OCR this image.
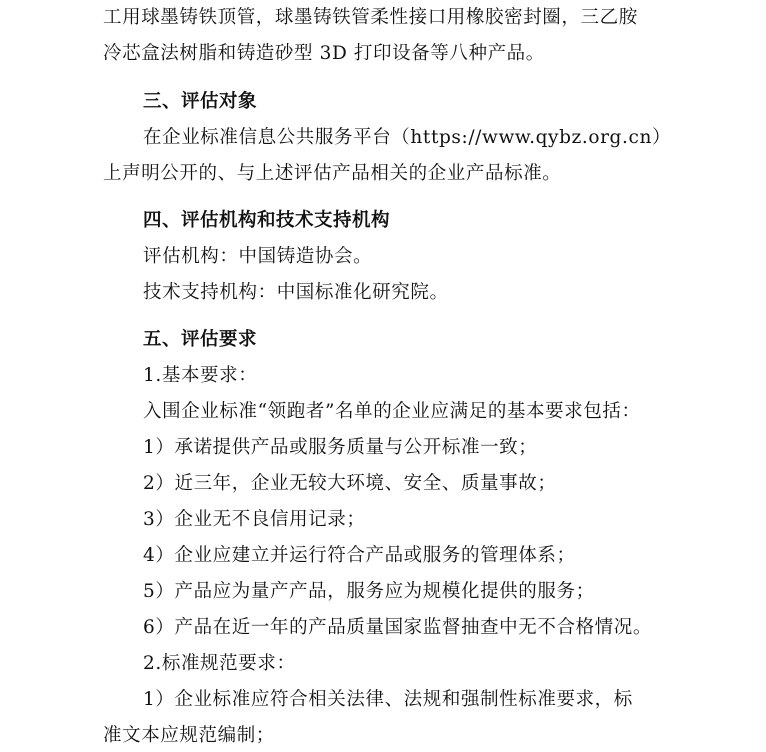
工用球墨铸铁顶管，球墨铸铁管柔性接口用橡胶密封圈，三乙胺
冷芯盒法树脂和铸造砂型 3D 打印设备等八种产品。
三、评估对象
在企业标准信息公共服务平台（https://www.qybz.org.cn）
上声明公开的、与上述评估产品相关的企业产品标准。
四、评估机构和技术支持机构
评估机构：中国铸造协会。
技术支持机构：中国标准化研究院。
五、评估要求
1.基本要求：
入围企业标准“领跑者”名单的企业应满足的基本要求包括：
1）承诺提供产品或服务质量与公开标准一致；
2）近三年，企业无较大环境、安全、质量事故；
3）企业无不良信用记录；
4）企业应建立并运行符合产品或服务的管理体系；
5）产品应为量产产品，服务应为规模化提供的服务；
6）产品在近一年的产品质量国家监督抽查中无不合格情况。
2.标准规范要求：
1）企业标准应符合相关法律、法规和强制性标准要求，标
准文本应规范编制；
